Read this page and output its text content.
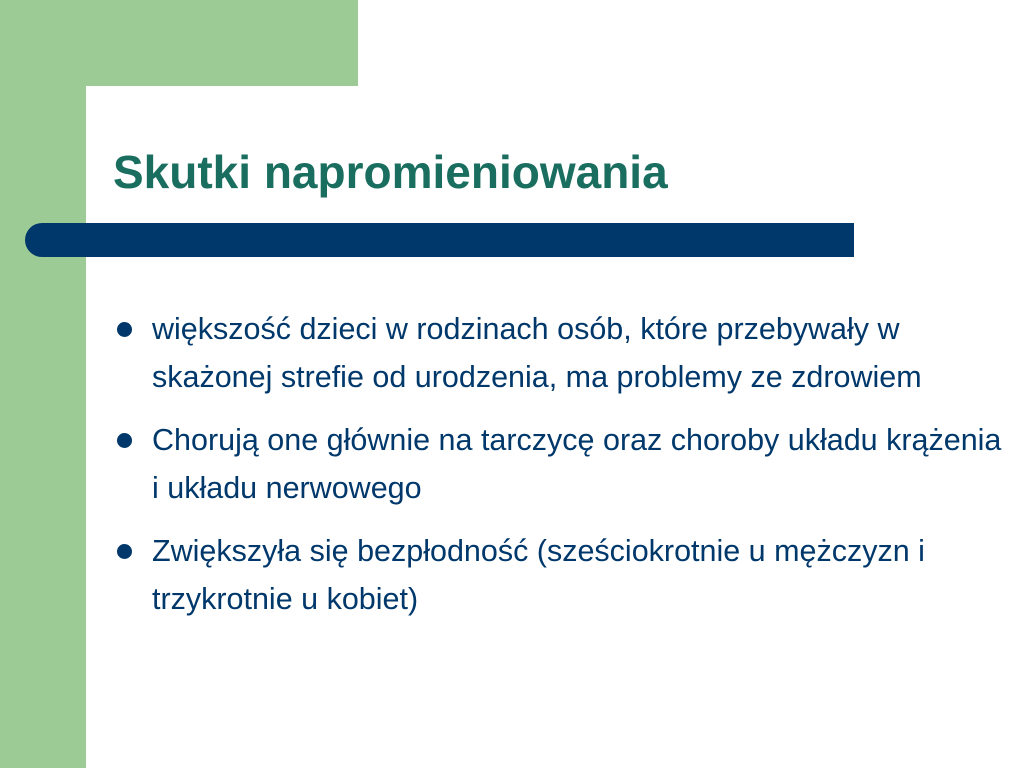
Skutki napromieniowania
większość dzieci w rodzinach osób, które przebywały w skażonej strefie od urodzenia, ma problemy ze zdrowiem
Chorują one głównie na tarczycę oraz choroby układu krążenia i układu nerwowego
Zwiększyła się bezpłodność (sześciokrotnie u mężczyzn i trzykrotnie u kobiet)
